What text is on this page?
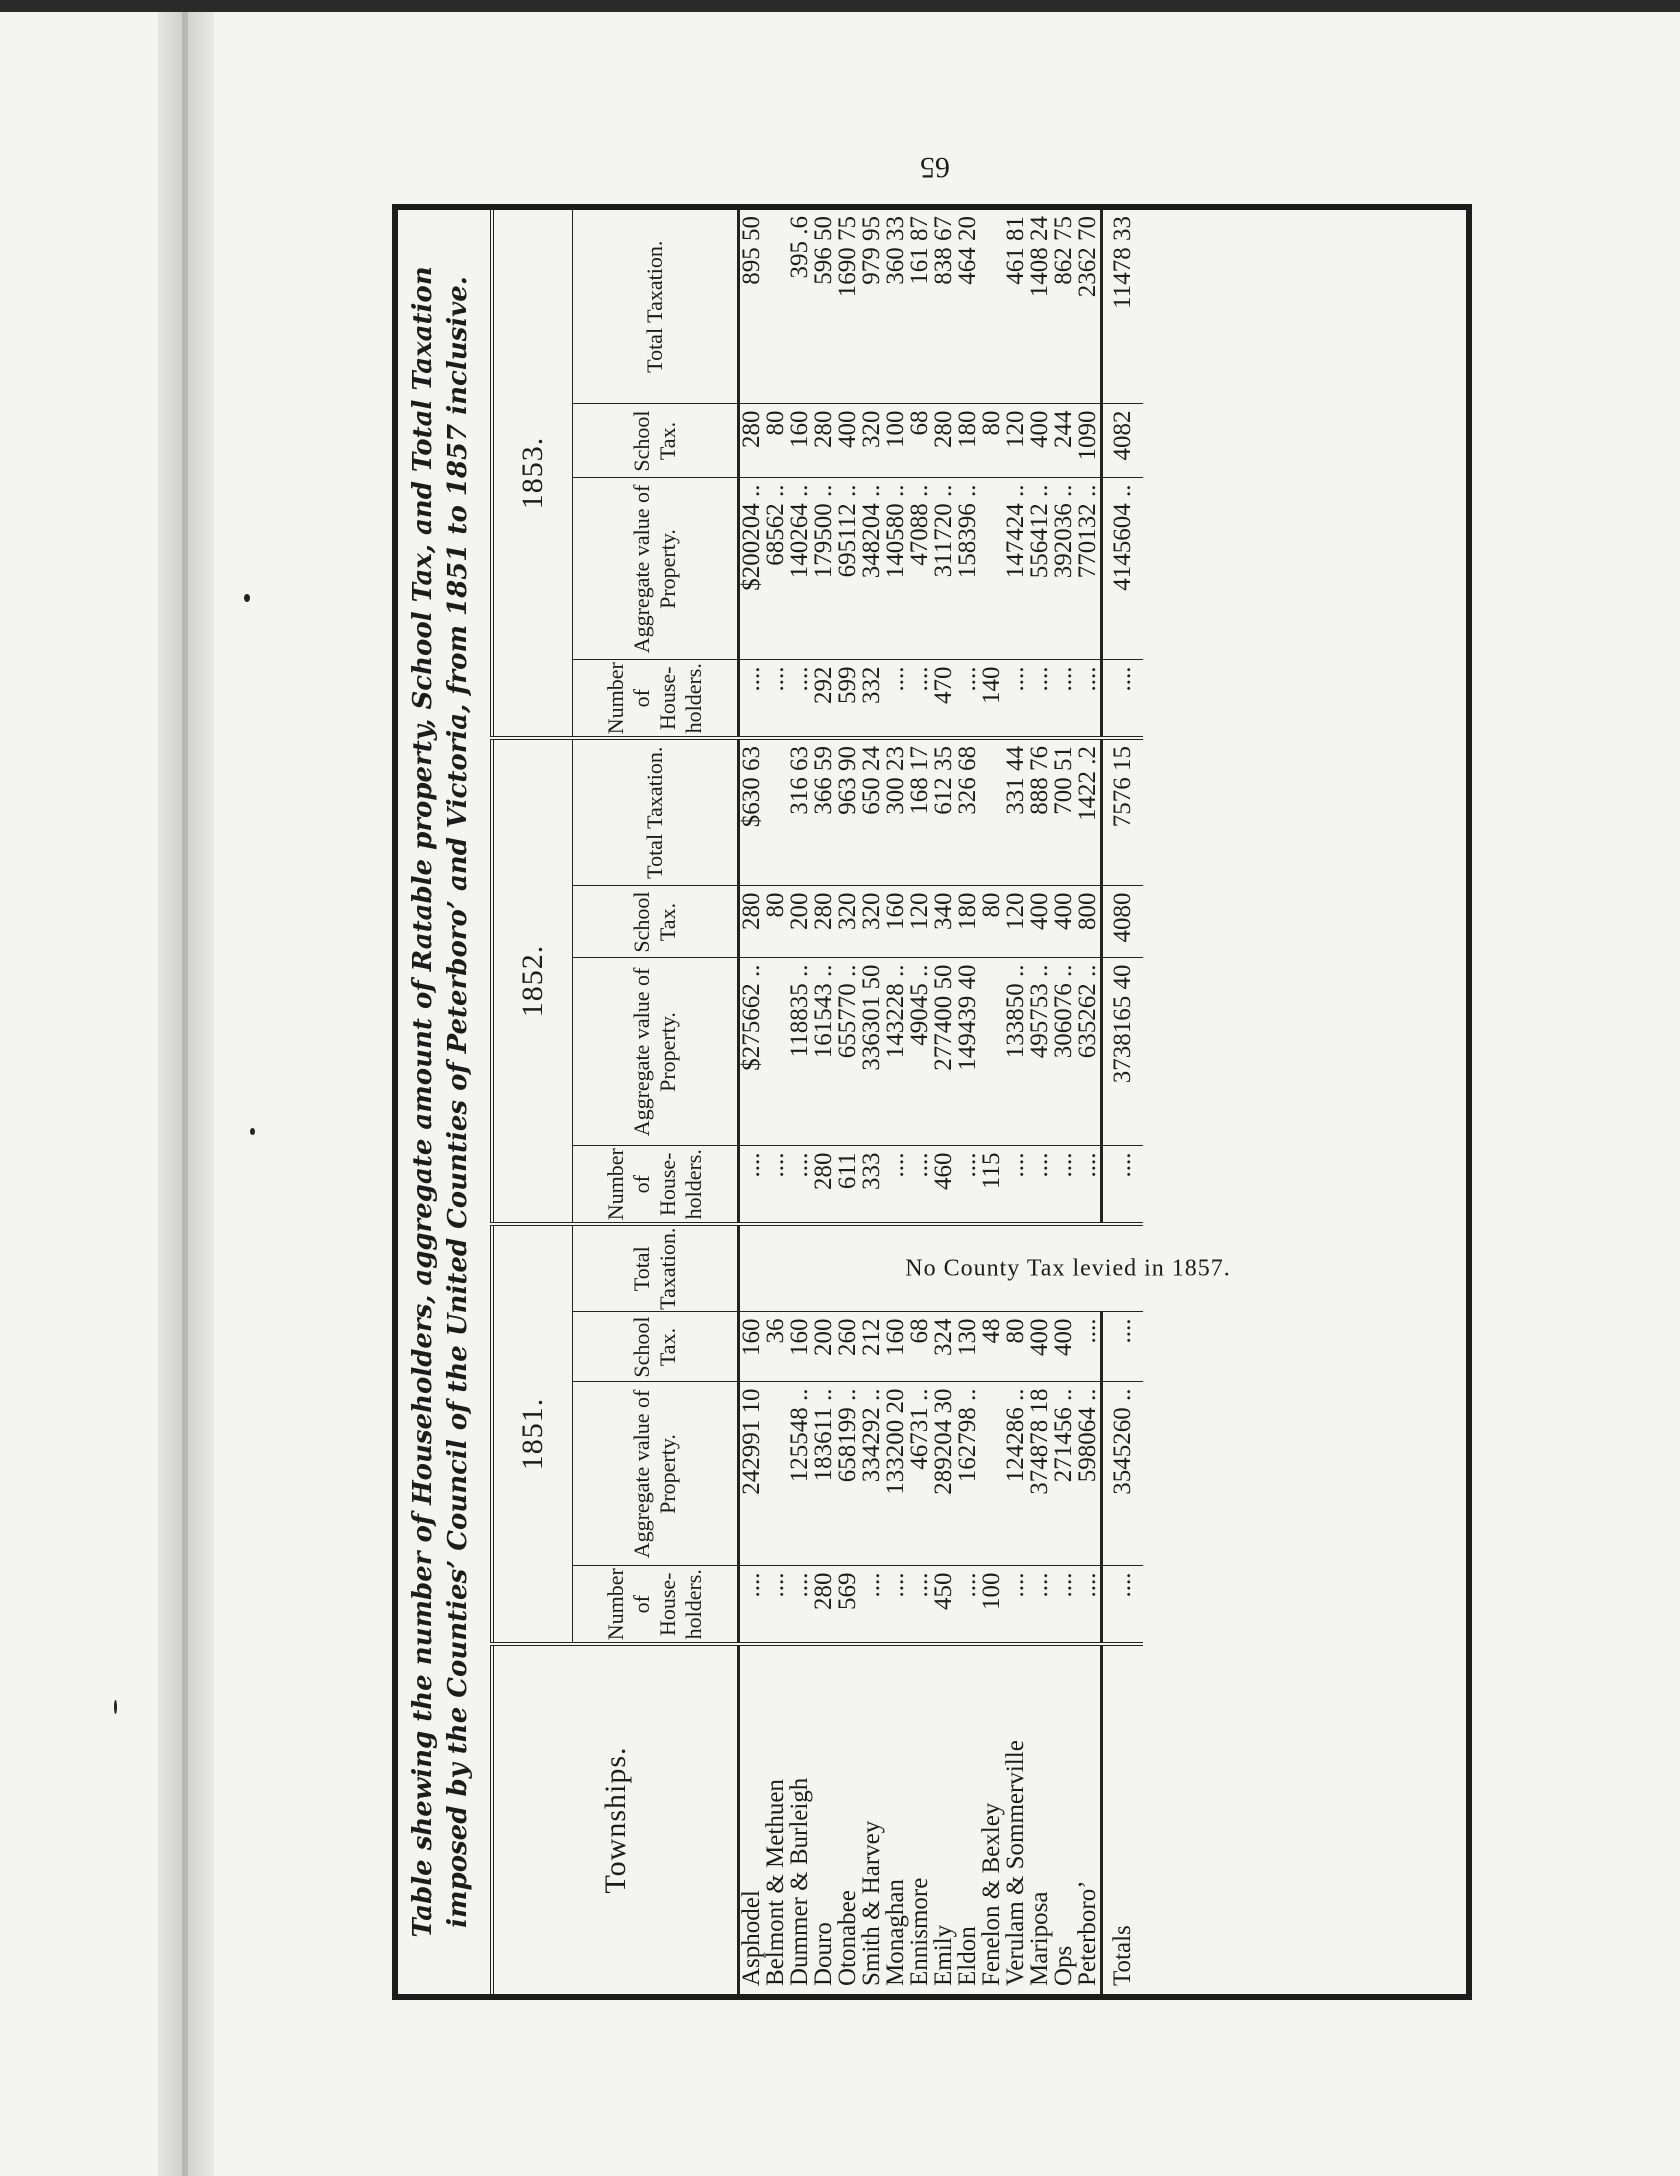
65
Table shewing the number of Householders, aggregate amount of Ratable property, School Tax, and Total Taxation imposed by the Counties’ Council of the United Counties of Peterboro’ and Victoria, from 1851 to 1857 inclusive.	Townships.	1851.				1852.				1853.			
	Number of House-holders.	Aggregate value of Property.	School Tax.	Total Taxation.	Number of House-holders.	Aggregate value of Property.	School Tax.	Total Taxation.	Number of House-holders.	Aggregate value of Property.	School Tax.	Total Taxation.
Asphodel	....	242991 10	160	No County Tax levied in 1857.	....	$275662 ..	280	$630 63	....	$200204 ..	280	895 50
Belmont & Methuen	....		36		....		80		....	68562 ..	80	
Dummer & Burleigh	....	125548 ..	160		....	118835 ..	200	316 63	....	140264 ..	160	395 .6
Douro	280	183611 ..	200		280	161543 ..	280	366 59	292	179500 ..	280	596 50
Otonabee	569	658199 ..	260		611	655770 ..	320	963 90	599	695112 ..	400	1690 75
Smith & Harvey	....	334292 ..	212		333	336301 50	320	650 24	332	348204 ..	320	979 95
Monaghan	....	133200 20	160		....	143228 ..	160	300 23	....	140580 ..	100	360 33
Ennismore	....	46731 ..	68		....	49045 ..	120	168 17	....	47088 ..	68	161 87
Emily	450	289204 30	324		460	277400 50	340	612 35	470	311720 ..	280	838 67
Eldon	....	162798 ..	130		....	149439 40	180	326 68	....	158396 ..	180	464 20
Fenelon & Bexley	100		48		115		80		140		80	
Verulam & Sommerville	....	124286 ..	80		....	133850 ..	120	331 44	....	147424 ..	120	461 81
Mariposa	....	374878 18	400		....	495753 ..	400	888 76	....	556412 ..	400	1408 24
Ops	....	271456 ..	400		....	306076 ..	400	700 51	....	392036 ..	244	862 75
Peterboro’	....	598064 ..	....		....	635262 ..	800	1422 .2	....	770132 ..	1090	2362 70
Totals	....	3545260 ..	....		....	3738165 40	4080	7576 15	....	4145604 ..	4082	11478 33
